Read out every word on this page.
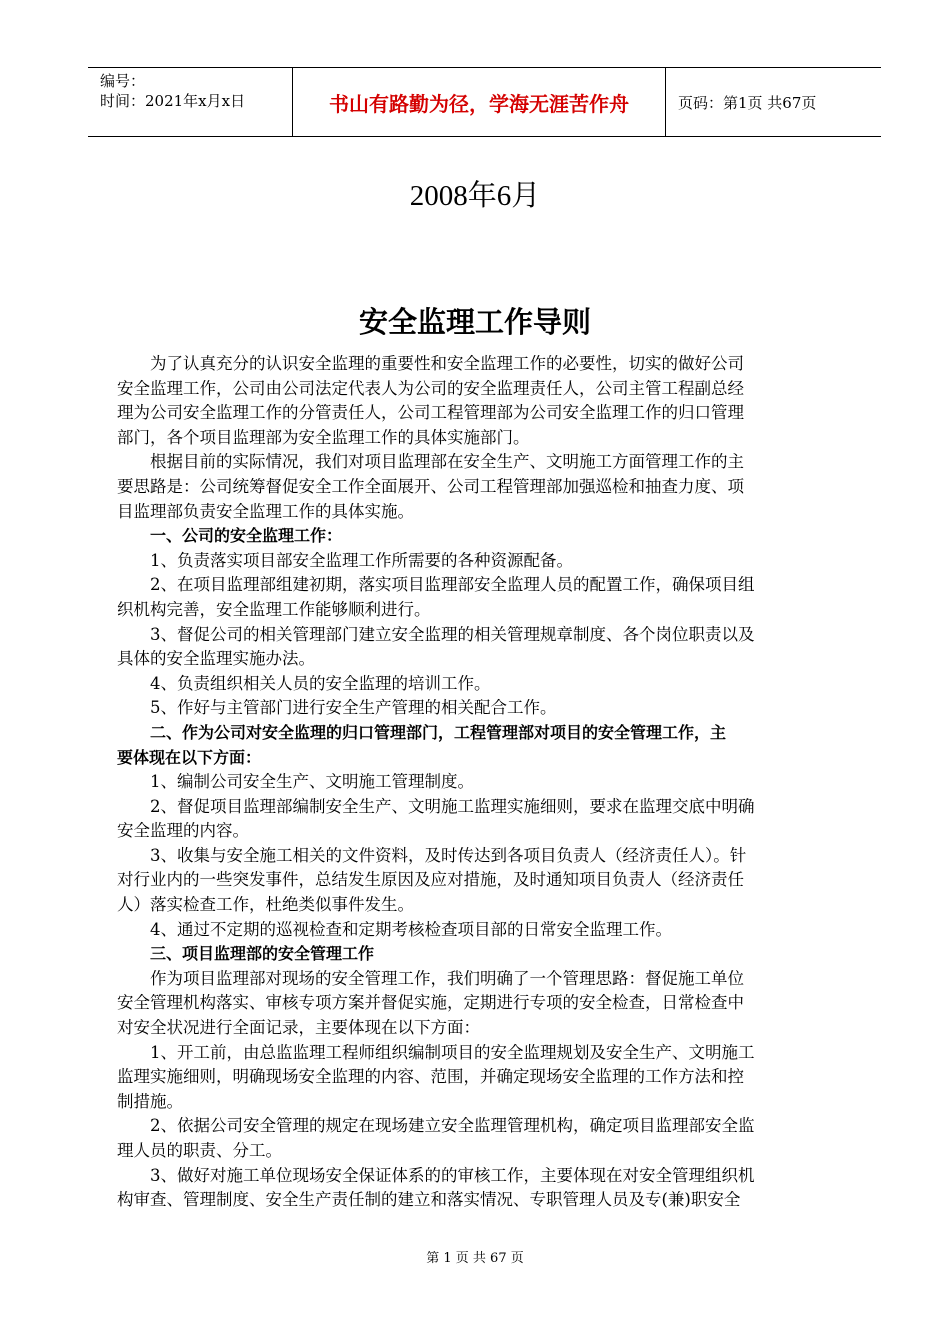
编号：
时间：2021年x月x日	书山有路勤为径，学海无涯苦作舟	页码：第1页 共67页
2008年6月
安全监理工作导则

为了认真充分的认识安全监理的重要性和安全监理工作的必要性，切实的做好公司
安全监理工作，公司由公司法定代表人为公司的安全监理责任人，公司主管工程副总经
理为公司安全监理工作的分管责任人，公司工程管理部为公司安全监理工作的归口管理
部门，各个项目监理部为安全监理工作的具体实施部门。

根据目前的实际情况，我们对项目监理部在安全生产、文明施工方面管理工作的主
要思路是：公司统筹督促安全工作全面展开、公司工程管理部加强巡检和抽查力度、项
目监理部负责安全监理工作的具体实施。

一、公司的安全监理工作：

1、负责落实项目部安全监理工作所需要的各种资源配备。

2、在项目监理部组建初期，落实项目监理部安全监理人员的配置工作，确保项目组
织机构完善，安全监理工作能够顺利进行。

3、督促公司的相关管理部门建立安全监理的相关管理规章制度、各个岗位职责以及
具体的安全监理实施办法。

4、负责组织相关人员的安全监理的培训工作。

5、作好与主管部门进行安全生产管理的相关配合工作。

二、作为公司对安全监理的归口管理部门，工程管理部对项目的安全管理工作，主
要体现在以下方面：

1、编制公司安全生产、文明施工管理制度。

2、督促项目监理部编制安全生产、文明施工监理实施细则，要求在监理交底中明确
安全监理的内容。

3、收集与安全施工相关的文件资料，及时传达到各项目负责人（经济责任人）。针
对行业内的一些突发事件，总结发生原因及应对措施，及时通知项目负责人（经济责任
人）落实检查工作，杜绝类似事件发生。

4、通过不定期的巡视检查和定期考核检查项目部的日常安全监理工作。

三、项目监理部的安全管理工作

作为项目监理部对现场的安全管理工作，我们明确了一个管理思路：督促施工单位
安全管理机构落实、审核专项方案并督促实施，定期进行专项的安全检查，日常检查中
对安全状况进行全面记录，主要体现在以下方面：

1、开工前，由总监监理工程师组织编制项目的安全监理规划及安全生产、文明施工
监理实施细则，明确现场安全监理的内容、范围，并确定现场安全监理的工作方法和控
制措施。

2、依据公司安全管理的规定在现场建立安全监理管理机构，确定项目监理部安全监
理人员的职责、分工。

3、做好对施工单位现场安全保证体系的的审核工作，主要体现在对安全管理组织机
构审查、管理制度、安全生产责任制的建立和落实情况、专职管理人员及专(兼)职安全

第 1 页 共 67 页
